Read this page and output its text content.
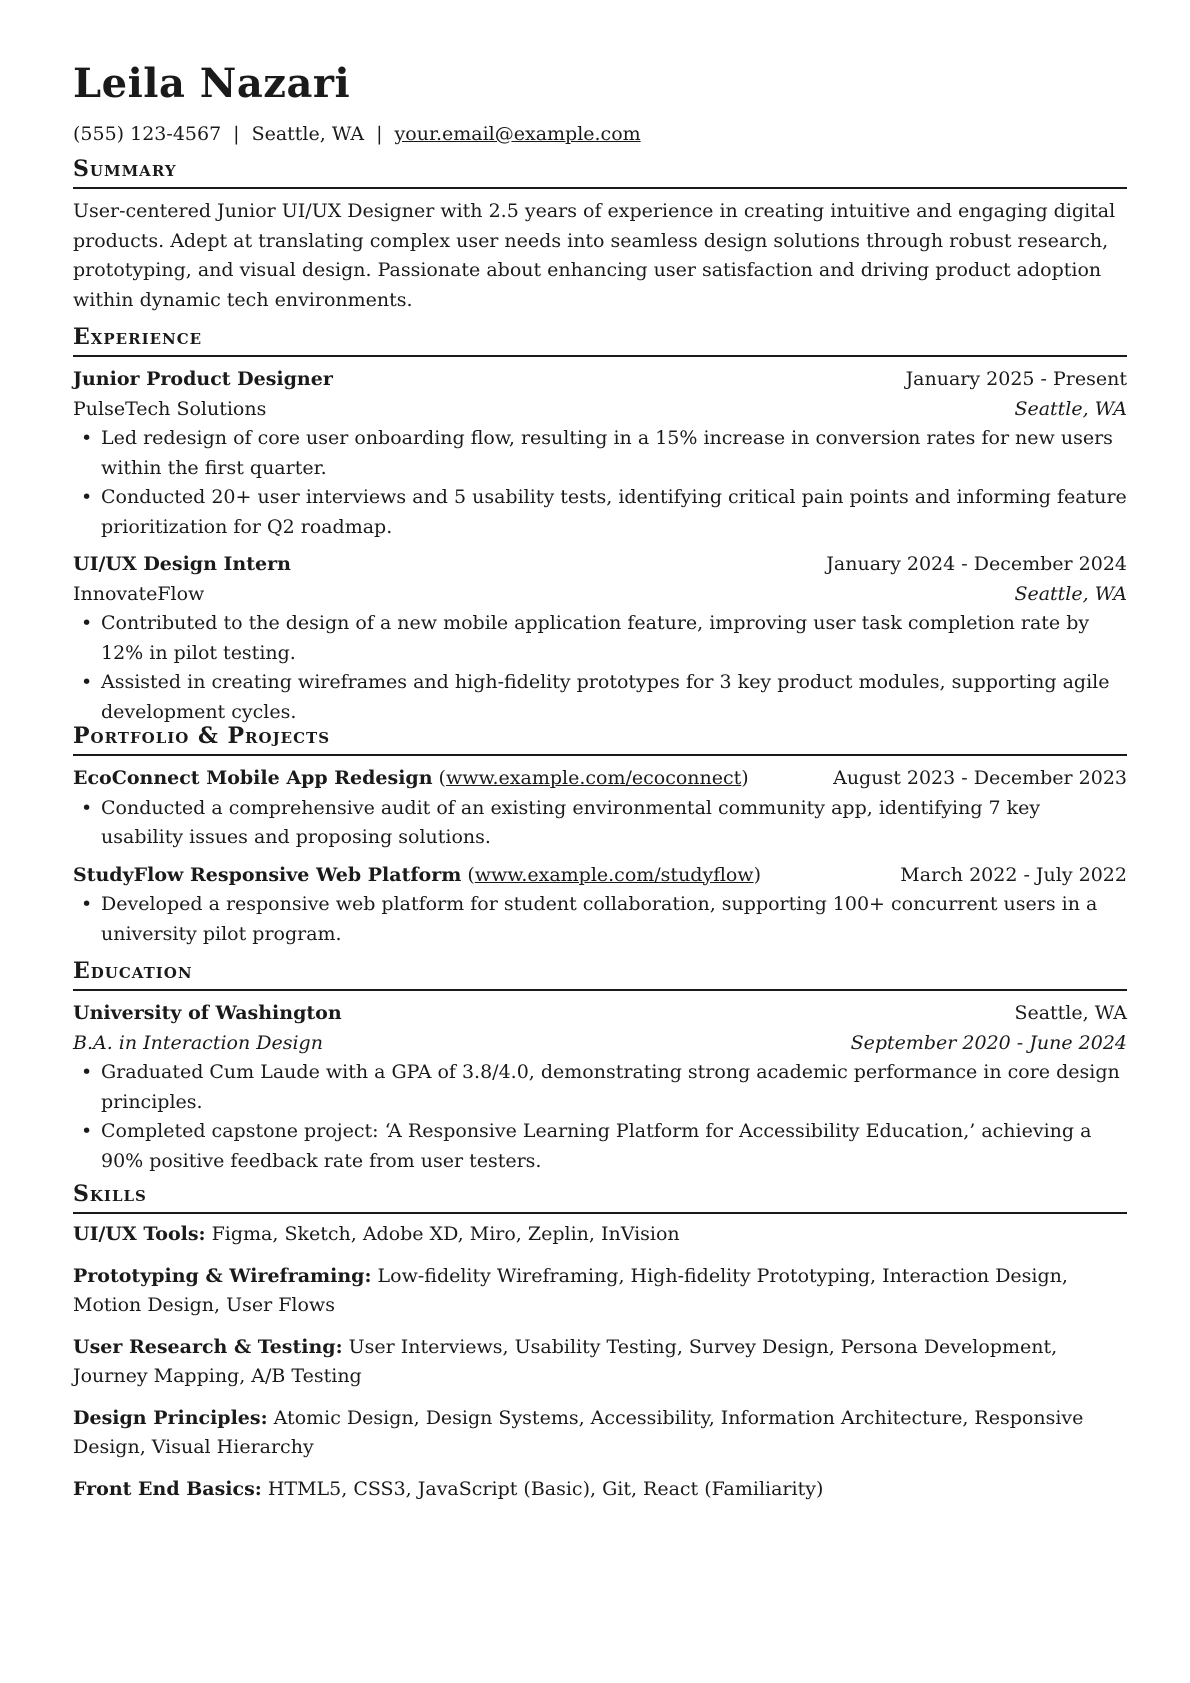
Leila Nazari
(555) 123-4567 | Seattle, WA | your.email@example.com
Summary

User-centered Junior UI/UX Designer with 2.5 years of experience in creating intuitive and engaging digital products. Adept at translating complex user needs into seamless design solutions through robust research, prototyping, and visual design. Passionate about enhancing user satisfaction and driving product adoption within dynamic tech environments.

Experience
Junior Product Designer	January 2025 - Present
PulseTech Solutions	Seattle, WA
• Led redesign of core user onboarding flow, resulting in a 15% increase in conversion rates for new users within the first quarter.
• Conducted 20+ user interviews and 5 usability tests, identifying critical pain points and informing feature prioritization for Q2 roadmap.
UI/UX Design Intern	January 2024 - December 2024
InnovateFlow	Seattle, WA
• Contributed to the design of a new mobile application feature, improving user task completion rate by 12% in pilot testing.
• Assisted in creating wireframes and high-fidelity prototypes for 3 key product modules, supporting agile development cycles.
Portfolio & Projects
EcoConnect Mobile App Redesign (www.example.com/ecoconnect)	August 2023 - December 2023
• Conducted a comprehensive audit of an existing environmental community app, identifying 7 key usability issues and proposing solutions.
StudyFlow Responsive Web Platform (www.example.com/studyflow)	March 2022 - July 2022
• Developed a responsive web platform for student collaboration, supporting 100+ concurrent users in a university pilot program.
Education
University of Washington	Seattle, WA
B.A. in Interaction Design	September 2020 - June 2024
• Graduated Cum Laude with a GPA of 3.8/4.0, demonstrating strong academic performance in core design principles.
• Completed capstone project: ‘A Responsive Learning Platform for Accessibility Education,’ achieving a 90% positive feedback rate from user testers.
Skills

UI/UX Tools: Figma, Sketch, Adobe XD, Miro, Zeplin, InVision

Prototyping & Wireframing: Low-fidelity Wireframing, High-fidelity Prototyping, Interaction Design, Motion Design, User Flows

User Research & Testing: User Interviews, Usability Testing, Survey Design, Persona Development, Journey Mapping, A/B Testing

Design Principles: Atomic Design, Design Systems, Accessibility, Information Architecture, Responsive Design, Visual Hierarchy

Front End Basics: HTML5, CSS3, JavaScript (Basic), Git, React (Familiarity)
